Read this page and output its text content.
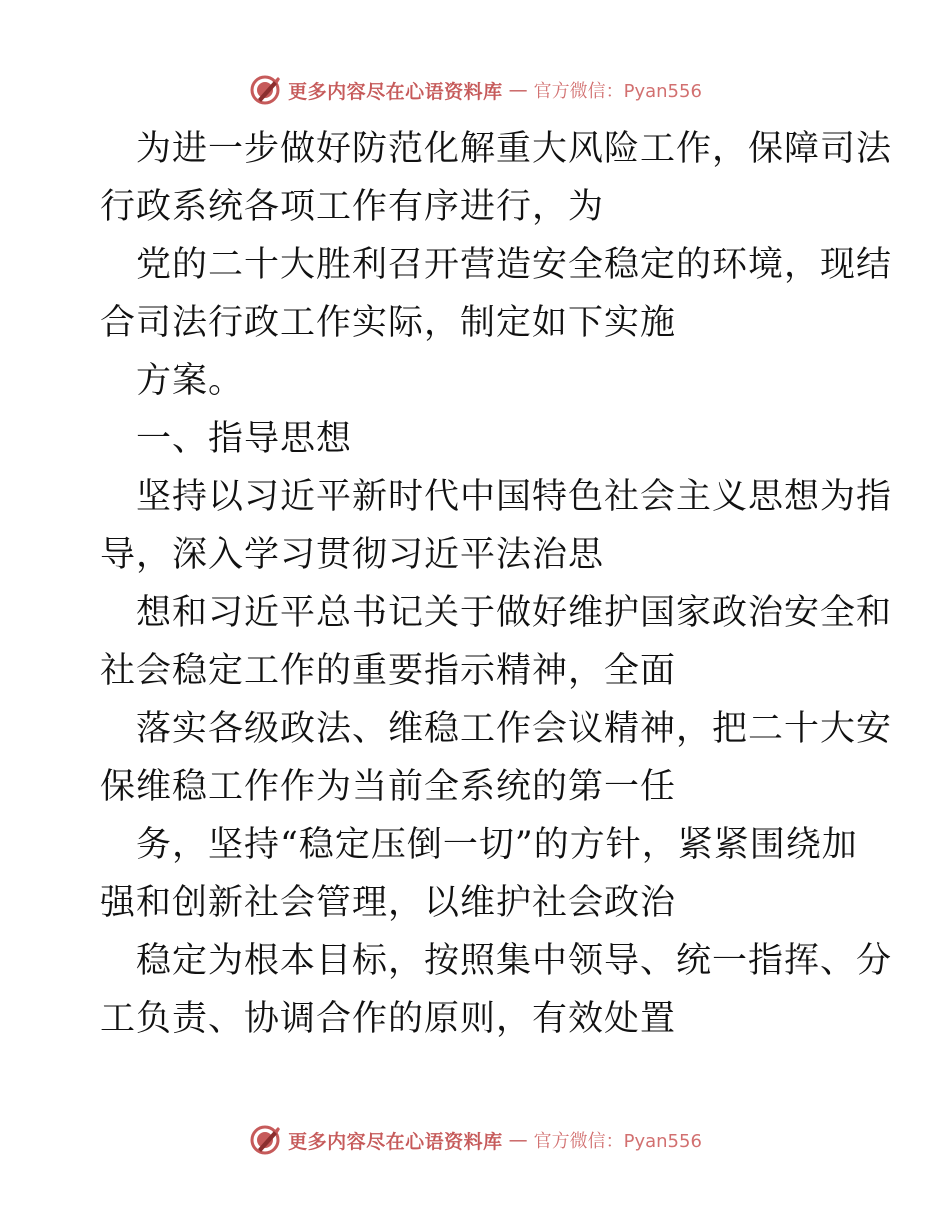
更多内容尽在心语资料库 — 官方微信：Pyan556
为进一步做好防范化解重大风险工作，保障司法
行政系统各项工作有序进行，为
党的二十大胜利召开营造安全稳定的环境，现结
合司法行政工作实际，制定如下实施
方案。
一、指导思想
坚持以习近平新时代中国特色社会主义思想为指
导，深入学习贯彻习近平法治思
想和习近平总书记关于做好维护国家政治安全和
社会稳定工作的重要指示精神，全面
落实各级政法、维稳工作会议精神，把二十大安
保维稳工作作为当前全系统的第一任
务，坚持“稳定压倒一切”的方针，紧紧围绕加
强和创新社会管理，以维护社会政治
稳定为根本目标，按照集中领导、统一指挥、分
工负责、协调合作的原则，有效处置
更多内容尽在心语资料库 — 官方微信：Pyan556
